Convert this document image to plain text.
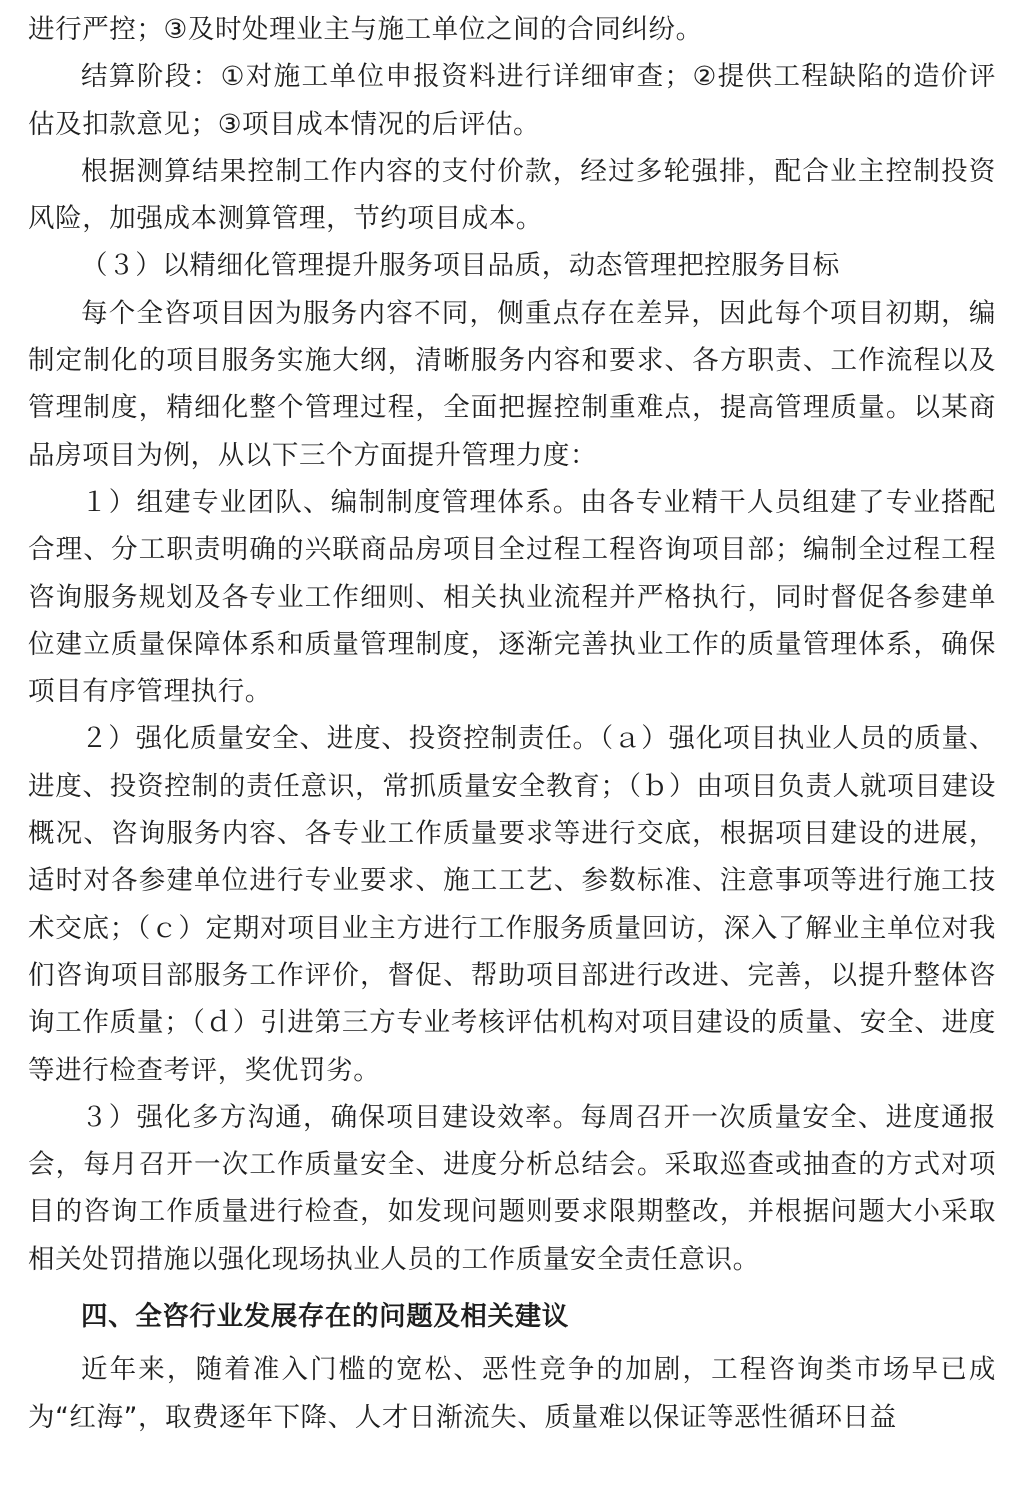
进行严控；③及时处理业主与施工单位之间的合同纠纷。

结算阶段：①对施工单位申报资料进行详细审查；②提供工程缺陷的造价评估及扣款意见；③项目成本情况的后评估。

根据测算结果控制工作内容的支付价款，经过多轮强排，配合业主控制投资风险，加强成本测算管理，节约项目成本。

（３）以精细化管理提升服务项目品质，动态管理把控服务目标

每个全咨项目因为服务内容不同，侧重点存在差异，因此每个项目初期，编制定制化的项目服务实施大纲，清晰服务内容和要求、各方职责、工作流程以及管理制度，精细化整个管理过程，全面把握控制重难点，提高管理质量。以某商品房项目为例，从以下三个方面提升管理力度：

１）组建专业团队、编制制度管理体系。由各专业精干人员组建了专业搭配合理、分工职责明确的兴联商品房项目全过程工程咨询项目部；编制全过程工程咨询服务规划及各专业工作细则、相关执业流程并严格执行，同时督促各参建单位建立质量保障体系和质量管理制度，逐渐完善执业工作的质量管理体系，确保项目有序管理执行。

２）强化质量安全、进度、投资控制责任。（ａ）强化项目执业人员的质量、进度、投资控制的责任意识，常抓质量安全教育；（ｂ）由项目负责人就项目建设概况、咨询服务内容、各专业工作质量要求等进行交底，根据项目建设的进展，适时对各参建单位进行专业要求、施工工艺、参数标准、注意事项等进行施工技术交底；（ｃ）定期对项目业主方进行工作服务质量回访，深入了解业主单位对我们咨询项目部服务工作评价，督促、帮助项目部进行改进、完善，以提升整体咨询工作质量；（ｄ）引进第三方专业考核评估机构对项目建设的质量、安全、进度等进行检查考评，奖优罚劣。

３）强化多方沟通，确保项目建设效率。每周召开一次质量安全、进度通报会，每月召开一次工作质量安全、进度分析总结会。采取巡查或抽查的方式对项目的咨询工作质量进行检查，如发现问题则要求限期整改，并根据问题大小采取相关处罚措施以强化现场执业人员的工作质量安全责任意识。

四、全咨行业发展存在的问题及相关建议

近年来，随着准入门槛的宽松、恶性竞争的加剧，工程咨询类市场早已成为“红海”，取费逐年下降、人才日渐流失、质量难以保证等恶性循环日益
